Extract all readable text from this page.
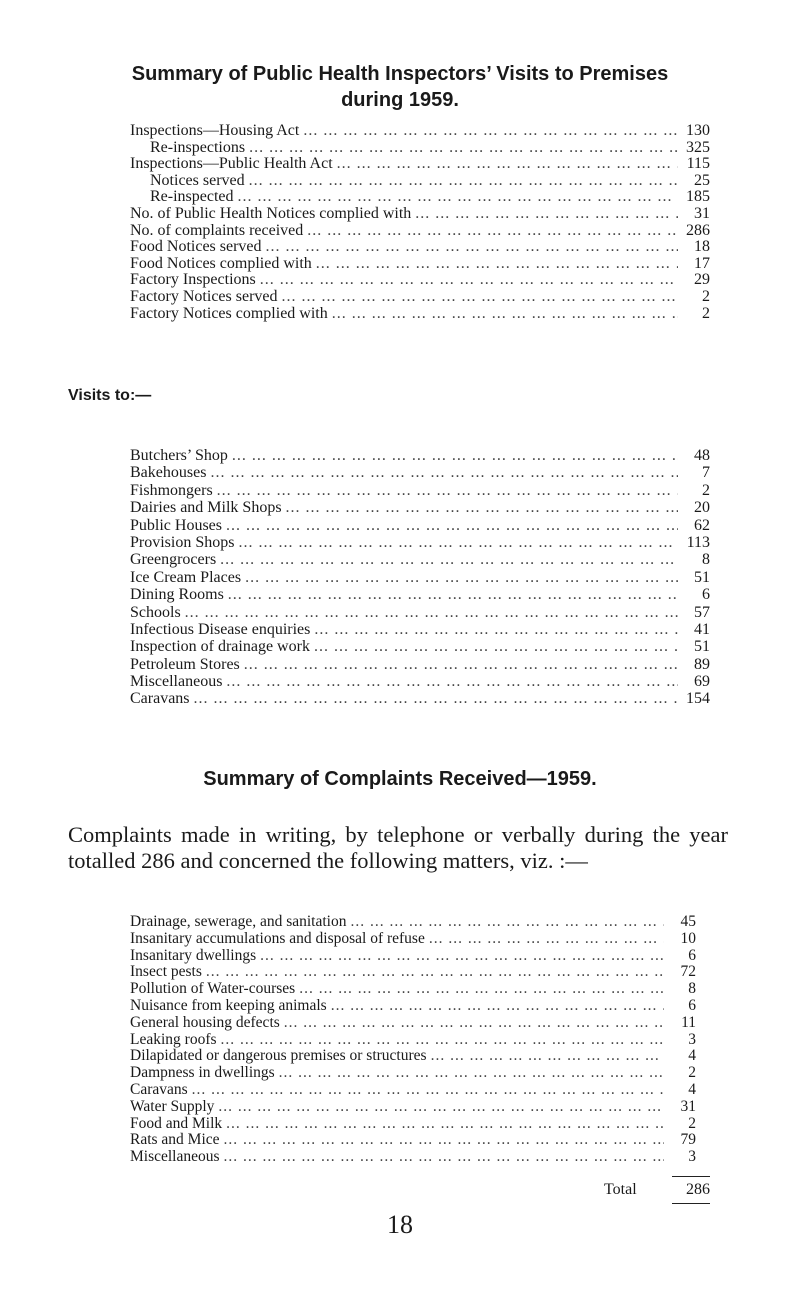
Summary of Public Health Inspectors’ Visits to Premises
during 1959.
Inspections—Housing Act ... .	130
Re-inspections ... .	325
Inspections—Public Health Act ... .	115
Notices served ... .	25
Re-inspected ... .	185
No. of Public Health Notices complied with ... .	31
No. of complaints received ... .	286
Food Notices served ... .	18
Food Notices complied with ... .	17
Factory Inspections ... .	29
Factory Notices served ... .	2
Factory Notices complied with ... .	2
Visits to:—
Butchers’ Shop ... .	48
Bakehouses ... .	7
Fishmongers ... .	2
Dairies and Milk Shops ... .	20
Public Houses ... .	62
Provision Shops ... .	113
Greengrocers ... .	8
Ice Cream Places ... .	51
Dining Rooms ... .	6
Schools ... .	57
Infectious Disease enquiries ... .	41
Inspection of drainage work ... .	51
Petroleum Stores ... .	89
Miscellaneous ... .	69
Caravans ... .	154
Summary of Complaints Received—1959.
Complaints made in writing, by telephone or verbally during the year totalled 286 and concerned the following matters, viz. :—
Drainage, sewerage, and sanitation ... .	45
Insanitary accumulations and disposal of refuse ... .	10
Insanitary dwellings ... .	6
Insect pests ... .	72
Pollution of Water-courses ... .	8
Nuisance from keeping animals ... .	6
General housing defects ... .	11
Leaking roofs ... .	3
Dilapidated or dangerous premises or structures ... .	4
Dampness in dwellings ... .	2
Caravans ... .	4
Water Supply ... .	31
Food and Milk ... .	2
Rats and Mice ... .	79
Miscellaneous ... .	3
Total	286
18
